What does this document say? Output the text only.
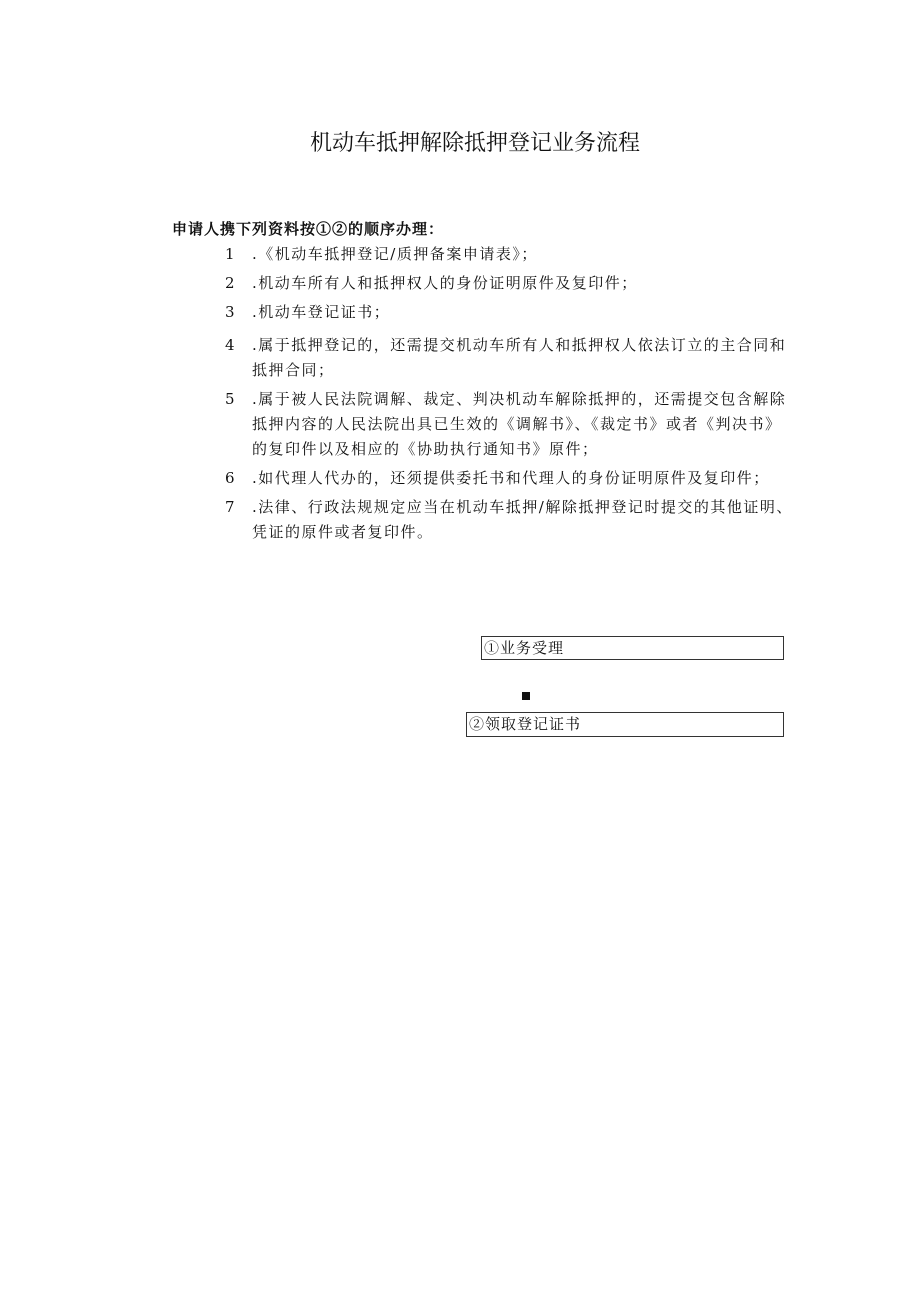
机动车抵押解除抵押登记业务流程
申请人携下列资料按①②的顺序办理：
1 .《机动车抵押登记/质押备案申请表》；
2 .机动车所有人和抵押权人的身份证明原件及复印件；
3 .机动车登记证书；
4 .属于抵押登记的，还需提交机动车所有人和抵押权人依法订立的主合同和抵押合同；
5 .属于被人民法院调解、裁定、判决机动车解除抵押的，还需提交包含解除抵押内容的人民法院出具已生效的《调解书》、《裁定书》或者《判决书》的复印件以及相应的《协助执行通知书》原件；
6 .如代理人代办的，还须提供委托书和代理人的身份证明原件及复印件；
7 .法律、行政法规规定应当在机动车抵押/解除抵押登记时提交的其他证明、凭证的原件或者复印件。
①业务受理
②领取登记证书
